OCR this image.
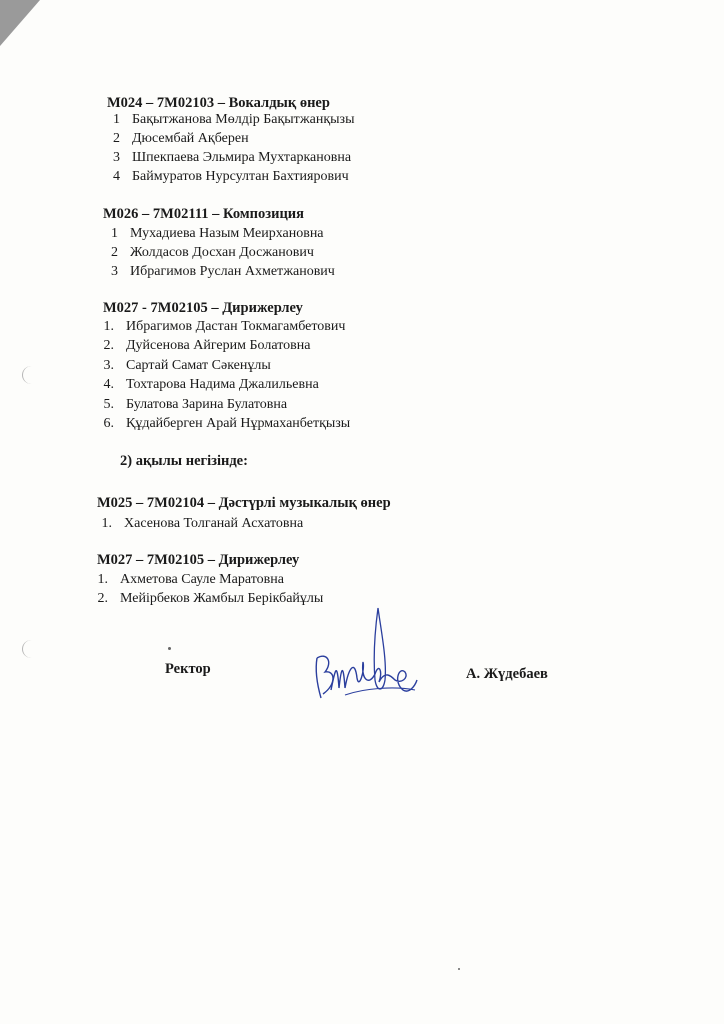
М024 – 7М02103 – Вокалдық өнер
1 Бақытжанова Мөлдір Бақытжанқызы
2 Дюсембай Ақберен
3 Шпекпаева Эльмира Мухтаркановна
4 Баймуратов Нурсултан Бахтиярович
М026 – 7М02111 – Композиция
1 Мухадиева Назым Меирхановна
2 Жолдасов Досхан Досжанович
3 Ибрагимов Руслан Ахметжанович
М027 - 7М02105 – Дирижерлеу
1. Ибрагимов Дастан Токмагамбетович
2. Дуйсенова Айгерим Болатовна
3. Сартай Самат Сәкенұлы
4. Тохтарова Надима Джалильевна
5. Булатова Зарина Булатовна
6. Құдайберген Арай Нұрмаханбетқызы
2) ақылы негізінде:
М025 – 7М02104 – Дәстүрлі музыкалық өнер
1. Хасенова Толганай Асхатовна
М027 – 7М02105 – Дирижерлеу
1. Ахметова Сауле Маратовна
2. Мейірбеков Жамбыл Берікбайұлы
Ректор	А. Жүдебаев
